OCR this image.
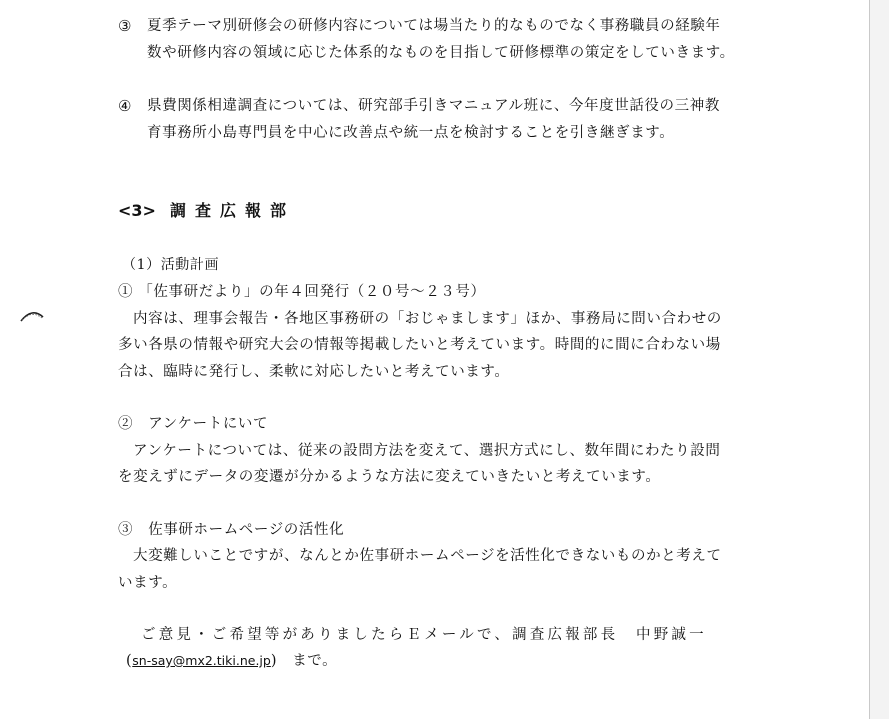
③ 夏季テーマ別研修会の研修内容については場当たり的なものでなく事務職員の経験年
数や研修内容の領域に応じた体系的なものを目指して研修標準の策定をしていきます。
④ 県費関係相違調査については、研究部手引きマニュアル班に、今年度世話役の三神教
育事務所小島専門員を中心に改善点や統一点を検討することを引き継ぎます。
<3> 調査広報部
（1）活動計画
① 「佐事研だより」の年４回発行（２０号〜２３号）
内容は、理事会報告・各地区事務研の「おじゃまします」ほか、事務局に問い合わせの
多い各県の情報や研究大会の情報等掲載したいと考えています。時間的に間に合わない場
合は、臨時に発行し、柔軟に対応したいと考えています。
②　アンケートにいて
アンケートについては、従来の設問方法を変えて、選択方式にし、数年間にわたり設問
を変えずにデータの変遷が分かるような方法に変えていきたいと考えています。
③　佐事研ホームページの活性化
大変難しいことですが、なんとか佐事研ホームページを活性化できないものかと考えて
います。
ご意見・ご希望等がありましたらＥメールで、調査広報部長　中野誠一
(sn-say@mx2.tiki.ne.jp)　まで。
